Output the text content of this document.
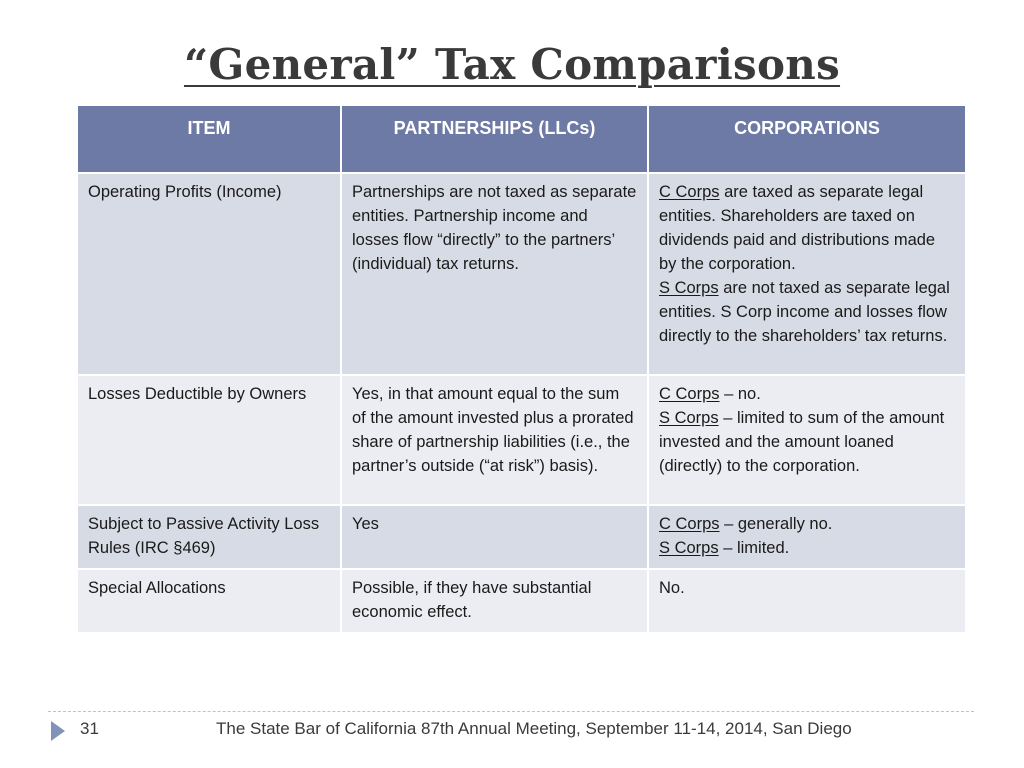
“General” Tax Comparisons
ITEM	PARTNERSHIPS (LLCs)	CORPORATIONS
Operating Profits (Income)	Partnerships are not taxed as separate entities. Partnership income and losses flow “directly” to the partners’ (individual) tax returns.	C Corps are taxed as separate legal entities. Shareholders are taxed on dividends paid and distributions made by the corporation.
S Corps are not taxed as separate legal entities. S Corp income and losses flow directly to the shareholders’ tax returns.
Losses Deductible by Owners	Yes, in that amount equal to the sum of the amount invested plus a prorated share of partnership liabilities (i.e., the partner’s outside (“at risk”) basis).	C Corps – no.
S Corps – limited to sum of the amount invested and the amount loaned (directly) to the corporation.
Subject to Passive Activity Loss Rules (IRC §469)	Yes	C Corps – generally no.
S Corps – limited.
Special Allocations	Possible, if they have substantial economic effect.	No.
31	The State Bar of California 87th Annual Meeting, September 11-14, 2014, San Diego
